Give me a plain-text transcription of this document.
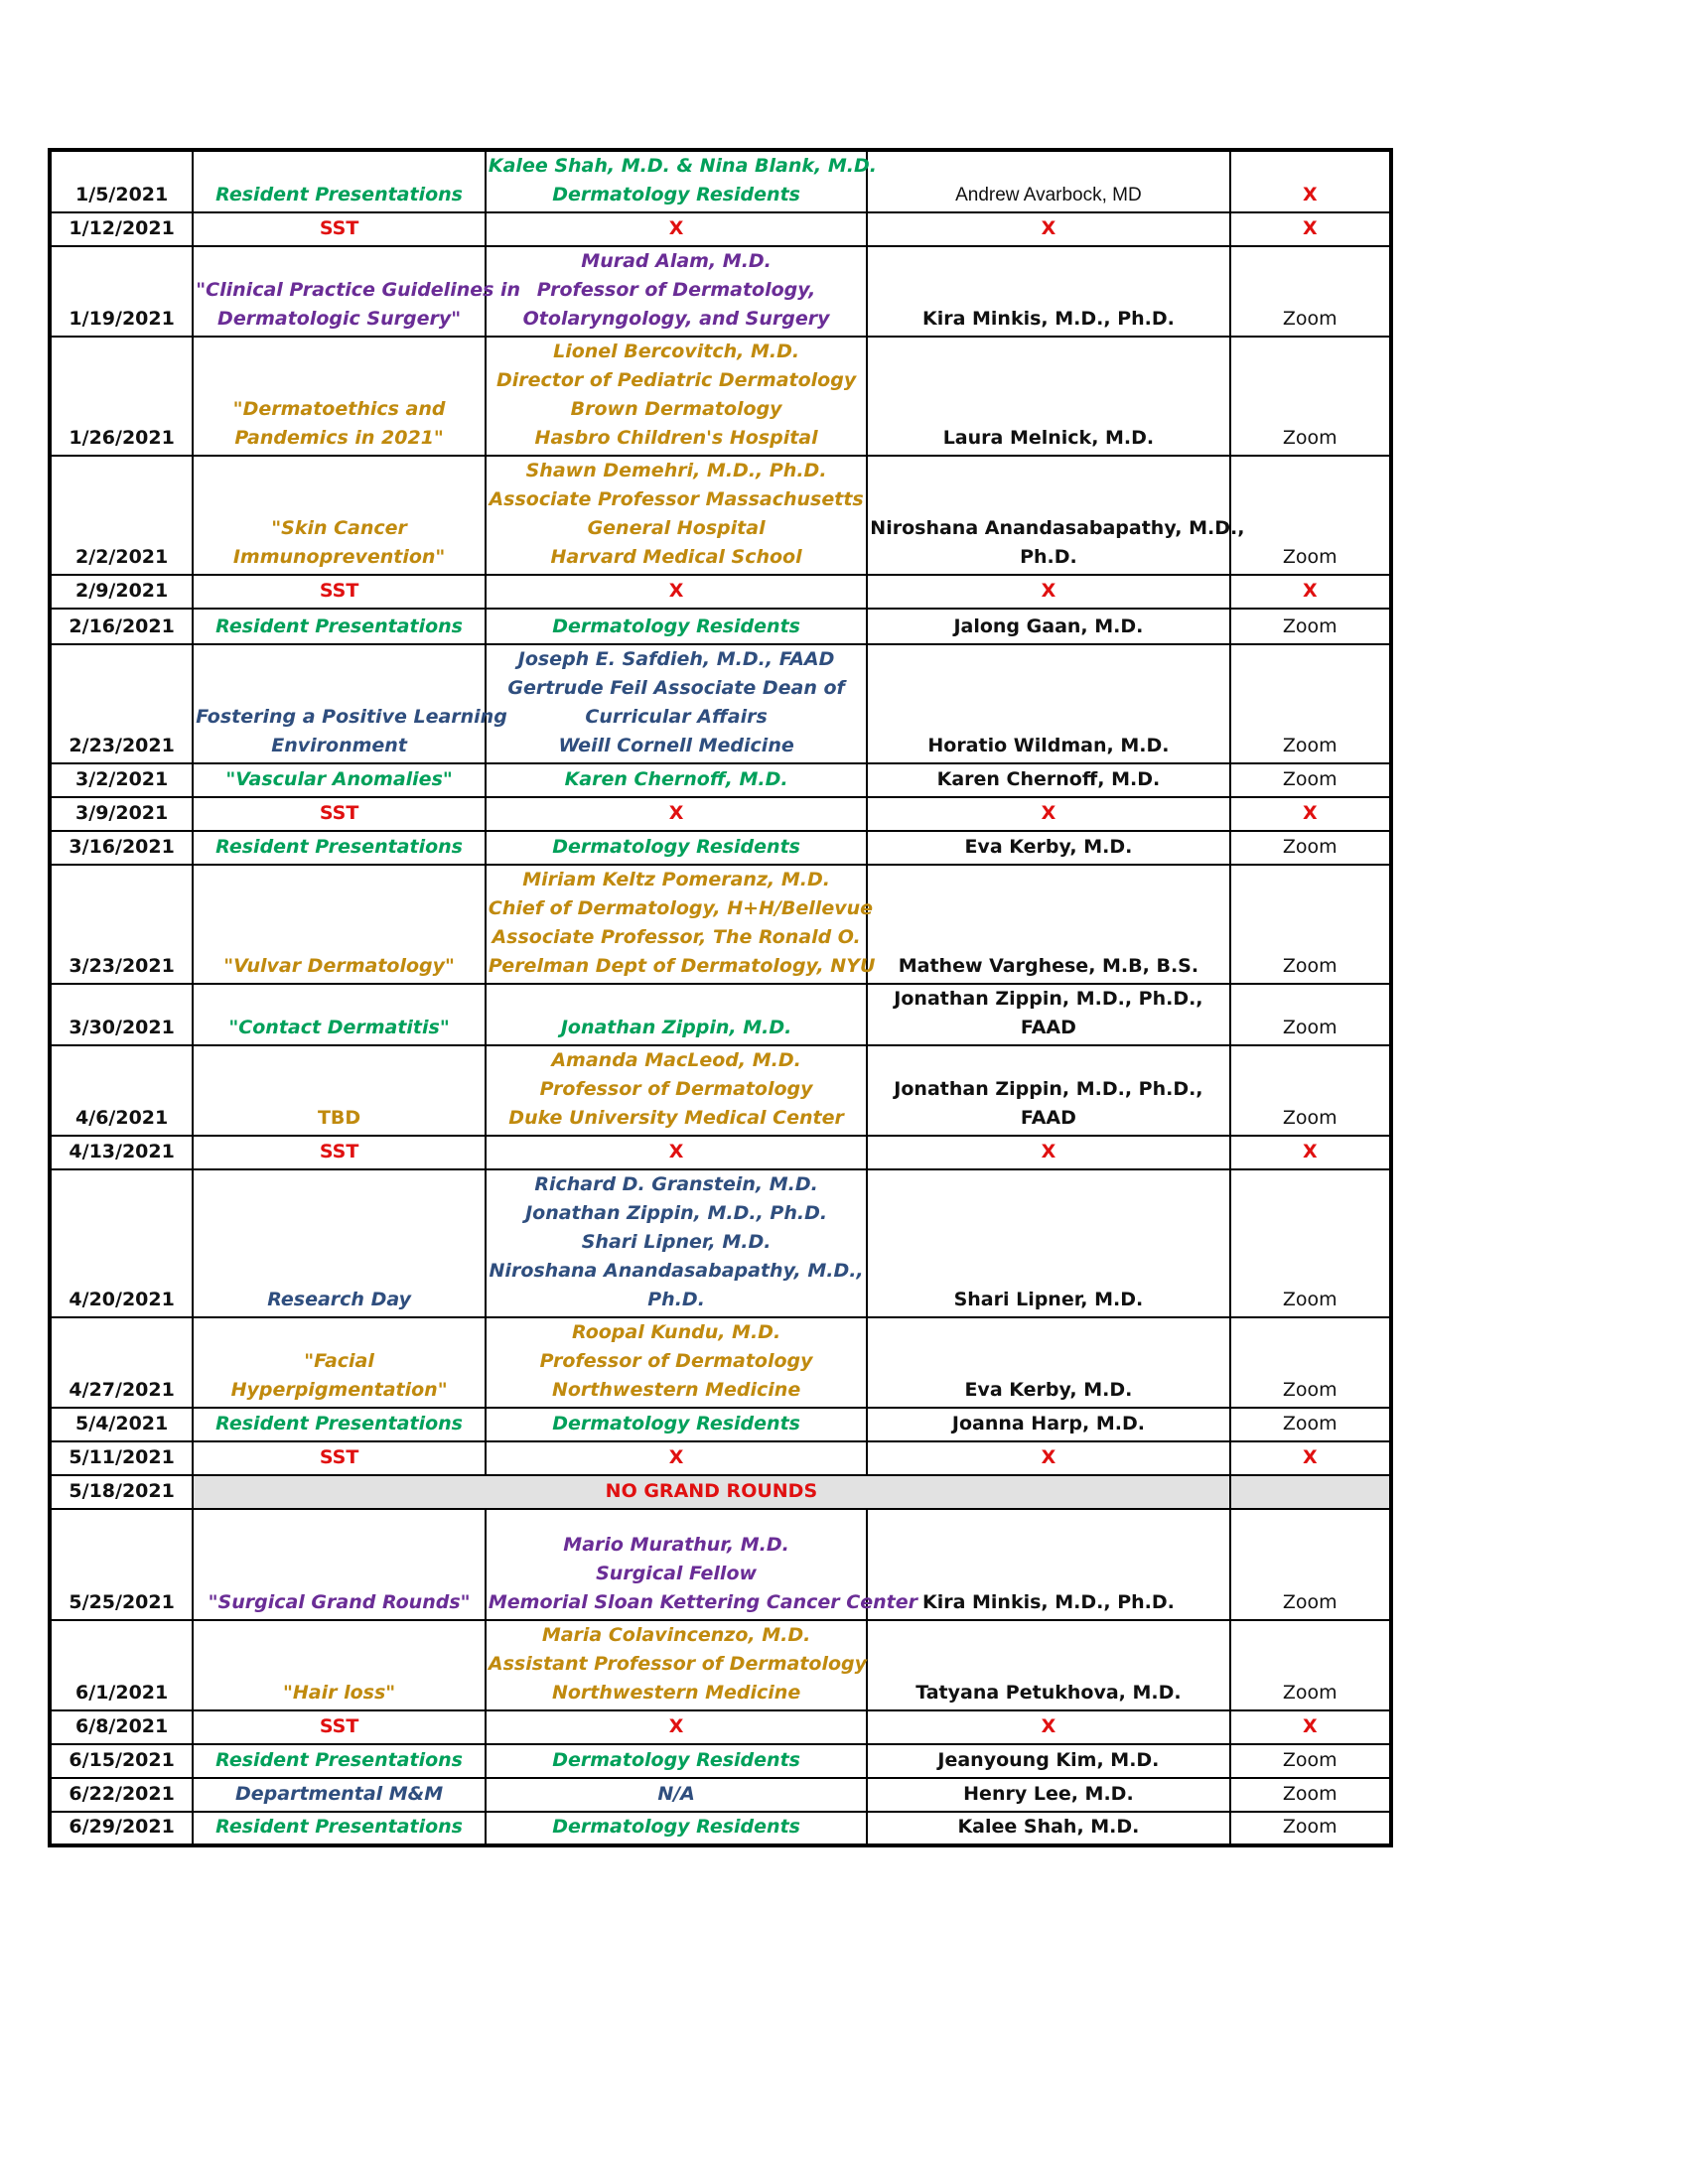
1/5/2021	Resident Presentations	Kalee Shah, M.D. & Nina Blank, M.D.
Dermatology Residents	Andrew Avarbock, MD	X
1/12/2021	SST	X	X	X
1/19/2021	"Clinical Practice Guidelines in
Dermatologic Surgery"	Murad Alam, M.D.
Professor of Dermatology,
Otolaryngology, and Surgery	Kira Minkis, M.D., Ph.D.	Zoom
1/26/2021	"Dermatoethics and
Pandemics in 2021"	Lionel Bercovitch, M.D.
Director of Pediatric Dermatology
Brown Dermatology
Hasbro Children's Hospital	Laura Melnick, M.D.	Zoom
2/2/2021	"Skin Cancer
Immunoprevention"	Shawn Demehri, M.D., Ph.D.
Associate Professor Massachusetts
General Hospital
Harvard Medical School	Niroshana Anandasabapathy, M.D.,
Ph.D.	Zoom
2/9/2021	SST	X	X	X
2/16/2021	Resident Presentations	Dermatology Residents	Jalong Gaan, M.D.	Zoom
2/23/2021	Fostering a Positive Learning
Environment	Joseph E. Safdieh, M.D., FAAD
Gertrude Feil Associate Dean of
Curricular Affairs
Weill Cornell Medicine	Horatio Wildman, M.D.	Zoom
3/2/2021	"Vascular Anomalies"	Karen Chernoff, M.D.	Karen Chernoff, M.D.	Zoom
3/9/2021	SST	X	X	X
3/16/2021	Resident Presentations	Dermatology Residents	Eva Kerby, M.D.	Zoom
3/23/2021	"Vulvar Dermatology"	Miriam Keltz Pomeranz, M.D.
Chief of Dermatology, H+H/Bellevue
Associate Professor, The Ronald O.
Perelman Dept of Dermatology, NYU	Mathew Varghese, M.B, B.S.	Zoom
3/30/2021	"Contact Dermatitis"	Jonathan Zippin, M.D.	Jonathan Zippin, M.D., Ph.D., FAAD	Zoom
4/6/2021	TBD	Amanda MacLeod, M.D.
Professor of Dermatology
Duke University Medical Center	Jonathan Zippin, M.D., Ph.D., FAAD	Zoom
4/13/2021	SST	X	X	X
4/20/2021	Research Day	Richard D. Granstein, M.D.
Jonathan Zippin, M.D., Ph.D.
Shari Lipner, M.D.
Niroshana Anandasabapathy, M.D.,
Ph.D.	Shari Lipner, M.D.	Zoom
4/27/2021	"Facial Hyperpigmentation"	Roopal Kundu, M.D.
Professor of Dermatology
Northwestern Medicine	Eva Kerby, M.D.	Zoom
5/4/2021	Resident Presentations	Dermatology Residents	Joanna Harp, M.D.	Zoom
5/11/2021	SST	X	X	X
5/18/2021	NO GRAND ROUNDS			
5/25/2021	"Surgical Grand Rounds"	Mario Murathur, M.D.
Surgical Fellow
Memorial Sloan Kettering Cancer Center	Kira Minkis, M.D., Ph.D.	Zoom
6/1/2021	"Hair loss"	Maria Colavincenzo, M.D.
Assistant Professor of Dermatology
Northwestern Medicine	Tatyana Petukhova, M.D.	Zoom
6/8/2021	SST	X	X	X
6/15/2021	Resident Presentations	Dermatology Residents	Jeanyoung Kim, M.D.	Zoom
6/22/2021	Departmental M&M	N/A	Henry Lee, M.D.	Zoom
6/29/2021	Resident Presentations	Dermatology Residents	Kalee Shah, M.D.	Zoom
